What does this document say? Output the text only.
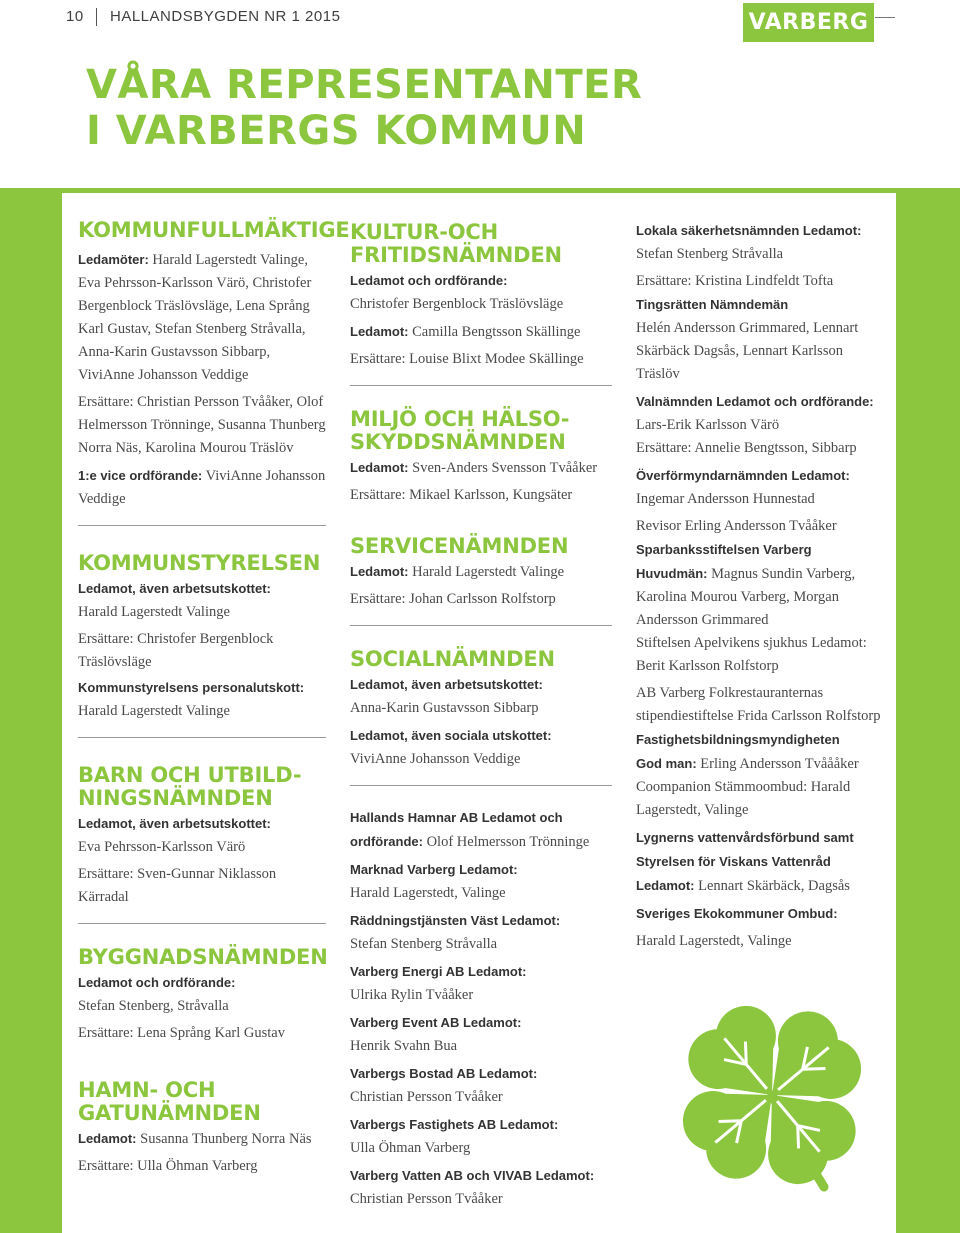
10 HALLANDSBYGDEN NR 1 2015	VARBERG
VÅRA REPRESENTANTER
I VARBERGS KOMMUN
KOMMUNFULLMÄKTIGE

Ledamöter: Harald Lagerstedt Valinge, Eva Pehrsson-Karlsson Värö, Christofer Bergenblock Träslövsläge, Lena Språng Karl Gustav, Stefan Stenberg Stråvalla, Anna-Karin Gustavsson Sibbarp, ViviAnne Johansson Veddige

Ersättare: Christian Persson Tvååker, Olof Helmersson Trönninge, Susanna Thunberg Norra Näs, Karolina Mourou Träslöv

1:e vice ordförande: ViviAnne Johansson Veddige

KOMMUNSTYRELSEN

Ledamot, även arbetsutskottet:
Harald Lagerstedt Valinge

Ersättare: Christofer Bergenblock Träslövsläge

Kommunstyrelsens personalutskott:
Harald Lagerstedt Valinge

BARN OCH UTBILD-
NINGSNÄMNDEN

Ledamot, även arbetsutskottet:
Eva Pehrsson-Karlsson Värö

Ersättare: Sven-Gunnar Niklasson Kärradal

BYGGNADSNÄMNDEN

Ledamot och ordförande:
Stefan Stenberg, Stråvalla

Ersättare: Lena Språng Karl Gustav

HAMN- OCH
GATUNÄMNDEN

Ledamot: Susanna Thunberg Norra Näs

Ersättare: Ulla Öhman Varberg

KULTUR-OCH
FRITIDSNÄMNDEN

Ledamot och ordförande:
Christofer Bergenblock Träslövsläge

Ledamot: Camilla Bengtsson Skällinge

Ersättare: Louise Blixt Modee Skällinge

MILJÖ OCH HÄLSO-
SKYDDSNÄMNDEN

Ledamot: Sven-Anders Svensson Tvååker

Ersättare: Mikael Karlsson, Kungsäter

SERVICENÄMNDEN

Ledamot: Harald Lagerstedt Valinge

Ersättare: Johan Carlsson Rolfstorp

SOCIALNÄMNDEN

Ledamot, även arbetsutskottet:
Anna-Karin Gustavsson Sibbarp

Ledamot, även sociala utskottet:
ViviAnne Johansson Veddige

Hallands Hamnar AB Ledamot och ordförande: Olof Helmersson Trönninge

Marknad Varberg Ledamot:
Harald Lagerstedt, Valinge

Räddningstjänsten Väst Ledamot:
Stefan Stenberg Stråvalla

Varberg Energi AB Ledamot:
Ulrika Rylin Tvååker

Varberg Event AB Ledamot:
Henrik Svahn Bua

Varbergs Bostad AB Ledamot:
Christian Persson Tvååker

Varbergs Fastighets AB Ledamot:
Ulla Öhman Varberg

Varberg Vatten AB och VIVAB Ledamot:
Christian Persson Tvååker

Lokala säkerhetsnämnden Ledamot:
Stefan Stenberg Stråvalla

Ersättare: Kristina Lindfeldt Tofta

Tingsrätten Nämndemän
Helén Andersson Grimmared, Lennart Skärbäck Dagsås, Lennart Karlsson Träslöv

Valnämnden Ledamot och ordförande: Lars-Erik Karlsson Värö

Ersättare: Annelie Bengtsson, Sibbarp

Överförmyndarnämnden Ledamot:
Ingemar Andersson Hunnestad

Revisor Erling Andersson Tvååker

Sparbanksstiftelsen Varberg

Huvudmän: Magnus Sundin Varberg, Karolina Mourou Varberg, Morgan Andersson Grimmared

Stiftelsen Apelvikens sjukhus Ledamot: Berit Karlsson Rolfstorp

AB Varberg Folkrestauranternas stipendiestiftelse Frida Carlsson Rolfstorp

Fastighetsbildningsmyndigheten

God man: Erling Andersson Tvåååker

Coompanion Stämmoombud: Harald Lagerstedt, Valinge

Lygnerns vattenvårdsförbund samt Styrelsen för Viskans Vattenråd

Ledamot: Lennart Skärbäck, Dagsås

Sveriges Ekokommuner Ombud:

Harald Lagerstedt, Valinge
